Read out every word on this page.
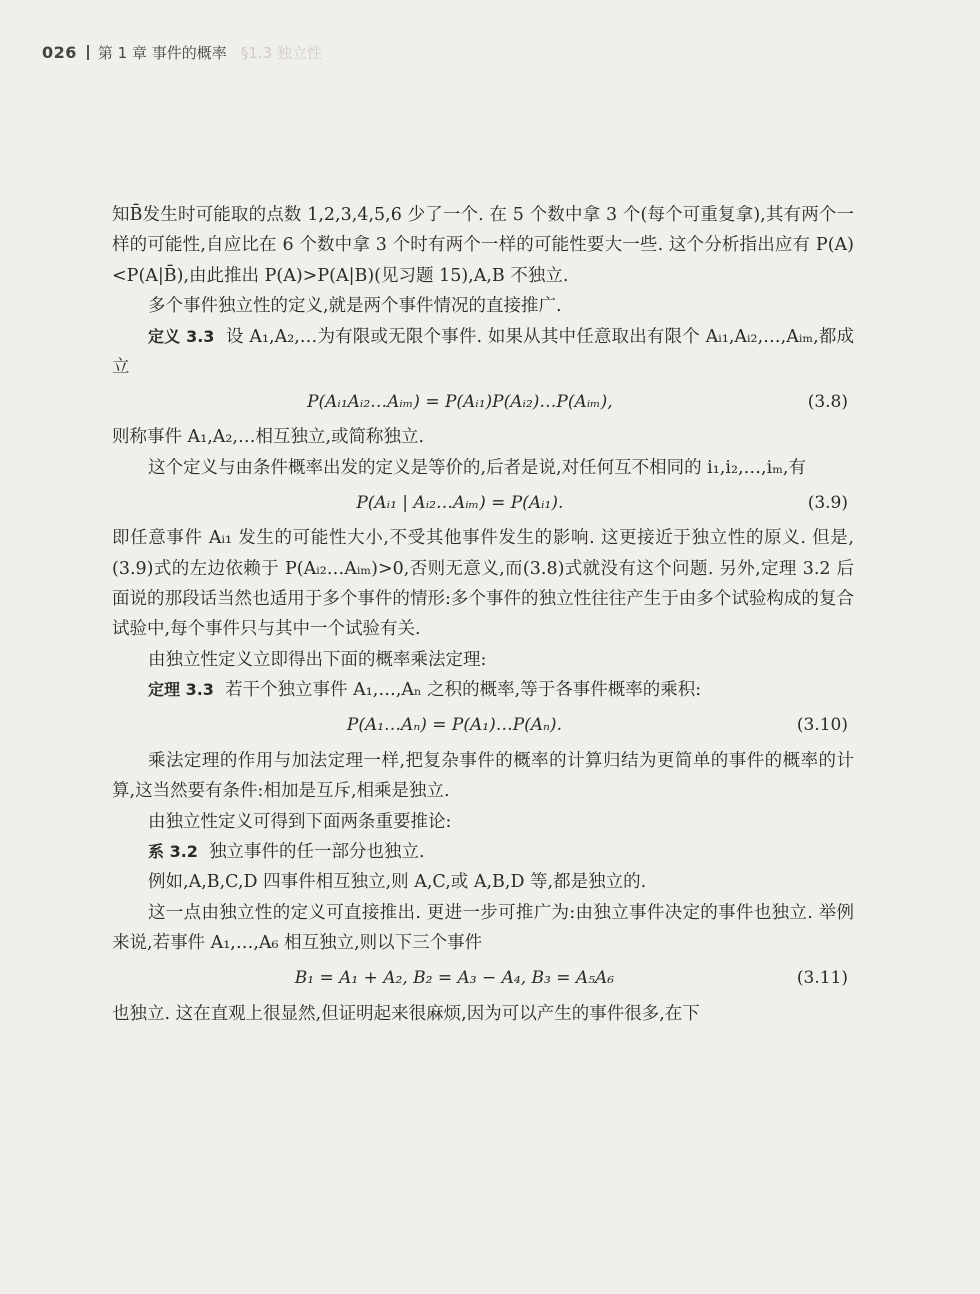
026 第 1 章 事件的概率 §1.3 独立性

知B̄发生时可能取的点数 1,2,3,4,5,6 少了一个. 在 5 个数中拿 3 个(每个可重复拿),其有两个一样的可能性,自应比在 6 个数中拿 3 个时有两个一样的可能性要大一些. 这个分析指出应有 P(A)<P(A|B̄),由此推出 P(A)>P(A|B)(见习题 15),A,B 不独立.

多个事件独立性的定义,就是两个事件情况的直接推广.

定义 3.3 设 A₁,A₂,…为有限或无限个事件. 如果从其中任意取出有限个 Aᵢ₁,Aᵢ₂,…,Aᵢₘ,都成立

P(Aᵢ₁Aᵢ₂…Aᵢₘ) = P(Aᵢ₁)P(Aᵢ₂)…P(Aᵢₘ),	(3.8)

则称事件 A₁,A₂,…相互独立,或简称独立.

这个定义与由条件概率出发的定义是等价的,后者是说,对任何互不相同的 i₁,i₂,…,iₘ,有

P(Aᵢ₁ | Aᵢ₂…Aᵢₘ) = P(Aᵢ₁).	(3.9)

即任意事件 Aᵢ₁ 发生的可能性大小,不受其他事件发生的影响. 这更接近于独立性的原义. 但是,(3.9)式的左边依赖于 P(Aᵢ₂…Aᵢₘ)>0,否则无意义,而(3.8)式就没有这个问题. 另外,定理 3.2 后面说的那段话当然也适用于多个事件的情形:多个事件的独立性往往产生于由多个试验构成的复合试验中,每个事件只与其中一个试验有关.

由独立性定义立即得出下面的概率乘法定理:

定理 3.3 若干个独立事件 A₁,…,Aₙ 之积的概率,等于各事件概率的乘积:

P(A₁…Aₙ) = P(A₁)…P(Aₙ).	(3.10)

乘法定理的作用与加法定理一样,把复杂事件的概率的计算归结为更简单的事件的概率的计算,这当然要有条件:相加是互斥,相乘是独立.

由独立性定义可得到下面两条重要推论:

系 3.2 独立事件的任一部分也独立.

例如,A,B,C,D 四事件相互独立,则 A,C,或 A,B,D 等,都是独立的.

这一点由独立性的定义可直接推出. 更进一步可推广为:由独立事件决定的事件也独立. 举例来说,若事件 A₁,…,A₆ 相互独立,则以下三个事件

B₁ = A₁ + A₂, B₂ = A₃ − A₄, B₃ = A₅A₆	(3.11)

也独立. 这在直观上很显然,但证明起来很麻烦,因为可以产生的事件很多,在下
